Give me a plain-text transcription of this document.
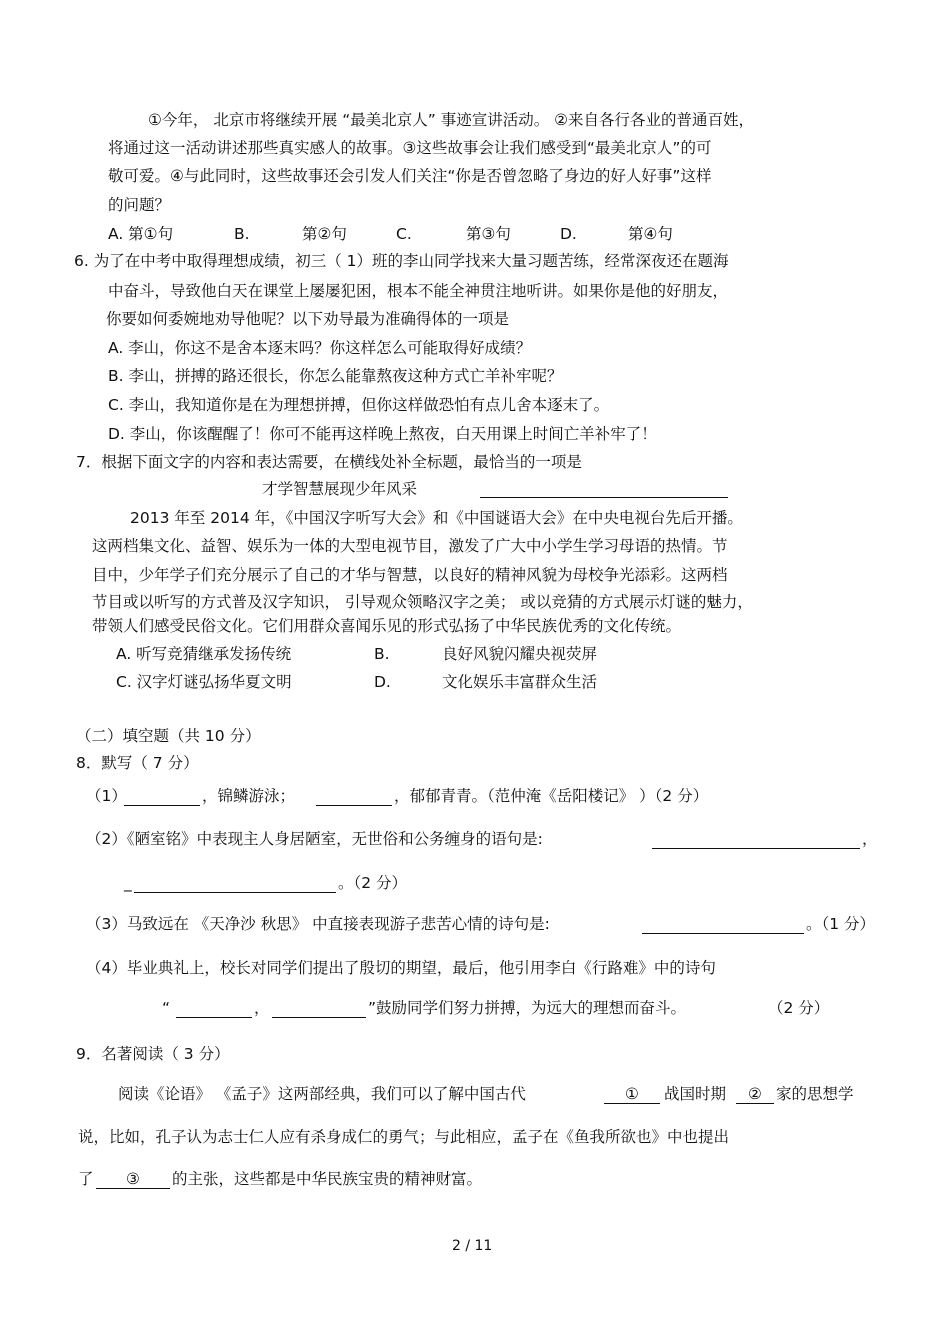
①今年， 北京市将继续开展 “最美北京人” 事迹宣讲活动。 ②来自各行各业的普通百姓，
将通过这一活动讲述那些真实感人的故事。③这些故事会让我们感受到“最美北京人”的可
敬可爱。④与此同时，这些故事还会引发人们关注“你是否曾忽略了身边的好人好事”这样
的问题？
A. 第①句	B.	第②句	C.	第③句	D.	第④句
6. 为了在中考中取得理想成绩，初三（ 1）班的李山同学找来大量习题苦练，经常深夜还在题海
中奋斗，导致他白天在课堂上屡屡犯困，根本不能全神贯注地听讲。如果你是他的好朋友，
你要如何委婉地劝导他呢？以下劝导最为准确得体的一项是
A. 李山，你这不是舍本逐末吗？你这样怎么可能取得好成绩？
B. 李山，拼搏的路还很长，你怎么能靠熬夜这种方式亡羊补牢呢？
C. 李山，我知道你是在为理想拼搏，但你这样做恐怕有点儿舍本逐末了。
D. 李山，你该醒醒了！你可不能再这样晚上熬夜，白天用课上时间亡羊补牢了！
7．根据下面文字的内容和表达需要，在横线处补全标题，最恰当的一项是
才学智慧展现少年风采
2013 年至 2014 年，《中国汉字听写大会》和《中国谜语大会》在中央电视台先后开播。
这两档集文化、益智、娱乐为一体的大型电视节目，激发了广大中小学生学习母语的热情。节
目中，少年学子们充分展示了自己的才华与智慧，以良好的精神风貌为母校争光添彩。这两档
节目或以听写的方式普及汉字知识， 引导观众领略汉字之美； 或以竞猜的方式展示灯谜的魅力，
带领人们感受民俗文化。它们用群众喜闻乐见的形式弘扬了中华民族优秀的文化传统。
A. 听写竞猜继承发扬传统	B.	良好风貌闪耀央视荧屏
C. 汉字灯谜弘扬华夏文明	D.	文化娱乐丰富群众生活
（二）填空题（共 10 分）
8．默写（ 7 分）
（1）	，锦鳞游泳；	，郁郁青青。（范仲淹《岳阳楼记》 ）（2 分）
（2）《陋室铭》中表现主人身居陋室，无世俗和公务缠身的语句是:	，
_	。（2 分）
（3）马致远在 《天净沙 秋思》 中直接表现游子悲苦心情的诗句是:	。（1 分）
（4）毕业典礼上，校长对同学们提出了殷切的期望，最后，他引用李白《行路难》中的诗句
“	，	”鼓励同学们努力拼搏，为远大的理想而奋斗。	（2 分）
9．名著阅读（ 3 分）
阅读《论语》 《孟子》这两部经典，我们可以了解中国古代	①	战国时期	② 家的思想学
说，比如，孔子认为志士仁人应有杀身成仁的勇气；与此相应，孟子在《鱼我所欲也》中也提出
了	③	的主张，这些都是中华民族宝贵的精神财富。
2 / 11
